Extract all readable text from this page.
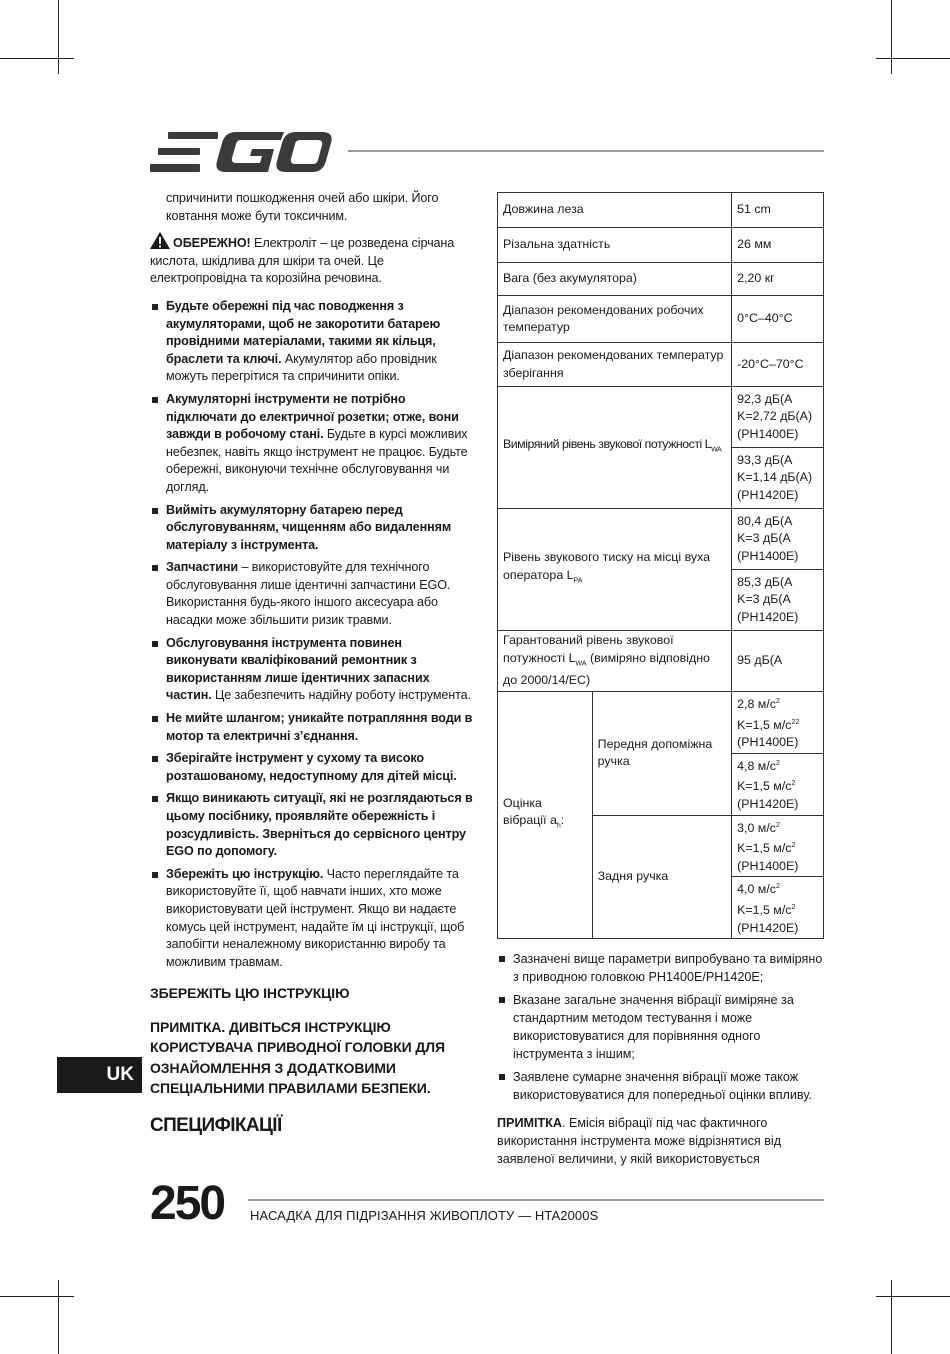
спричинити пошкодження очей або шкіри. Його ковтання може бути токсичним.

ОБЕРЕЖНО! Електроліт – це розведена сірчана кислота, шкідлива для шкіри та очей. Це електропровідна та корозійна речовина.

Будьте обережні під час поводження з акумуляторами, щоб не закоротити батарею провідними матеріалами, такими як кільця, браслети та ключі. Акумулятор або провідник можуть перегрітися та спричинити опіки.
Акумуляторні інструменти не потрібно підключати до електричної розетки; отже, вони завжди в робочому стані. Будьте в курсі можливих небезпек, навіть якщо інструмент не працює. Будьте обережні, виконуючи технічне обслуговування чи догляд.
Вийміть акумуляторну батарею перед обслуговуванням, чищенням або видаленням матеріалу з інструмента.
Запчастини – використовуйте для технічного обслуговування лише ідентичні запчастини EGO. Використання будь-якого іншого аксесуара або насадки може збільшити ризик травми.
Обслуговування інструмента повинен виконувати кваліфікований ремонтник з використанням лише ідентичних запасних частин. Це забезпечить надійну роботу інструмента.
Не мийте шлангом; уникайте потрапляння води в мотор та електричні з’єднання.
Зберігайте інструмент у сухому та високо розташованому, недоступному для дітей місці.
Якщо виникають ситуації, які не розглядаються в цьому посібнику, проявляйте обережність і розсудливість. Зверніться до сервісного центру EGO по допомогу.
Збережіть цю інструкцію. Часто переглядайте та використовуйте її, щоб навчати інших, хто може використовувати цей інструмент. Якщо ви надаєте комусь цей інструмент, надайте їм ці інструкції, щоб запобігти неналежному використанню виробу та можливим травмам.

ЗБЕРЕЖІТЬ ЦЮ ІНСТРУКЦІЮ

ПРИМІТКА. ДИВІТЬСЯ ІНСТРУКЦІЮ КОРИСТУВАЧА ПРИВОДНОЇ ГОЛОВКИ ДЛЯ ОЗНАЙОМЛЕННЯ З ДОДАТКОВИМИ СПЕЦІАЛЬНИМИ ПРАВИЛАМИ БЕЗПЕКИ.

СПЕЦИФІКАЦІЇ

UK
Довжина леза		51 cm
Різальна здатність		26 мм
Вага (без акумулятора)		2,20 кг
Діапазон рекомендованих робочих температур		0°C–40°C
Діапазон рекомендованих температур зберігання		-20°C–70°C
Виміряний рівень звукової потужності $L_{WA}$		92,3 дБ(A
K=2,72 дБ(A)
(PH1400E)
		93,3 дБ(A
K=1,14 дБ(A)
(PH1420E)
Рівень звукового тиску на місці вуха оператора $L_{PA}$		80,4 дБ(A
K=3 дБ(A
(PH1400E)
		85,3 дБ(A
K=3 дБ(A
(PH1420E)
Гарантований рівень звукової потужності $L_{WA}$ (виміряно відповідно до 2000/14/EC)		95 дБ(A
Оцінка вібрації $a_h$:	Передня допоміжна ручка	2,8 $м/с^2$
K=1,5 $м/с^{22}$
(PH1400E)
		4,8 $м/с^2$
K=1,5 $м/с^2$
(PH1420E)
	Задня ручка	3,0 $м/с^2$
K=1,5 $м/с^2$
(PH1400E)
		4,0 $м/с^2$
K=1,5 $м/с^2$
(PH1420E)
Зазначені вище параметри випробувано та виміряно з приводною головкою PH1400E/PH1420E;
Вказане загальне значення вібрації виміряне за стандартним методом тестування і може використовуватися для порівняння одного інструмента з іншим;
Заявлене сумарне значення вібрації може також використовуватися для попередньої оцінки впливу.

ПРИМІТКА. Емісія вібрації під час фактичного використання інструмента може відрізнятися від заявленої величини, у якій використовується

250 НАСАДКА ДЛЯ ПІДРІЗАННЯ ЖИВОПЛОТУ — HTA2000S
